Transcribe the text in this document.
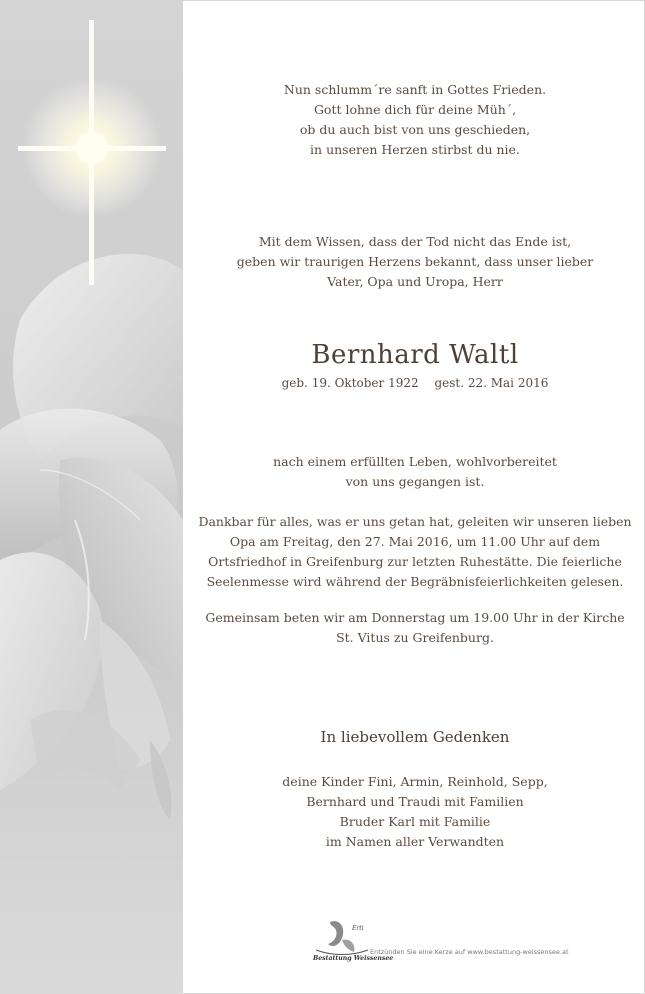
Nun schlumm´re sanft in Gottes Frieden.
Gott lohne dich für deine Müh´,
ob du auch bist von uns geschieden,
in unseren Herzen stirbst du nie.
Mit dem Wissen, dass der Tod nicht das Ende ist,
geben wir traurigen Herzens bekannt, dass unser lieber
Vater, Opa und Uropa, Herr
Bernhard Waltl
geb. 19. Oktober 1922 gest. 22. Mai 2016
nach einem erfüllten Leben, wohlvorbereitet
von uns gegangen ist.
Dankbar für alles, was er uns getan hat, geleiten wir unseren lieben
Opa am Freitag, den 27. Mai 2016, um 11.00 Uhr auf dem
Ortsfriedhof in Greifenburg zur letzten Ruhestätte. Die feierliche
Seelenmesse wird während der Begräbnisfeierlichkeiten gelesen.
Gemeinsam beten wir am Donnerstag um 19.00 Uhr in der Kirche
St. Vitus zu Greifenburg.
In liebevollem Gedenken
deine Kinder Fini, Armin, Reinhold, Sepp,
Bernhard und Traudi mit Familien
Bruder Karl mit Familie
im Namen aller Verwandten
Erti
Bestattung Weissensee
Entzünden Sie eine Kerze auf www.bestattung-weissensee.at
